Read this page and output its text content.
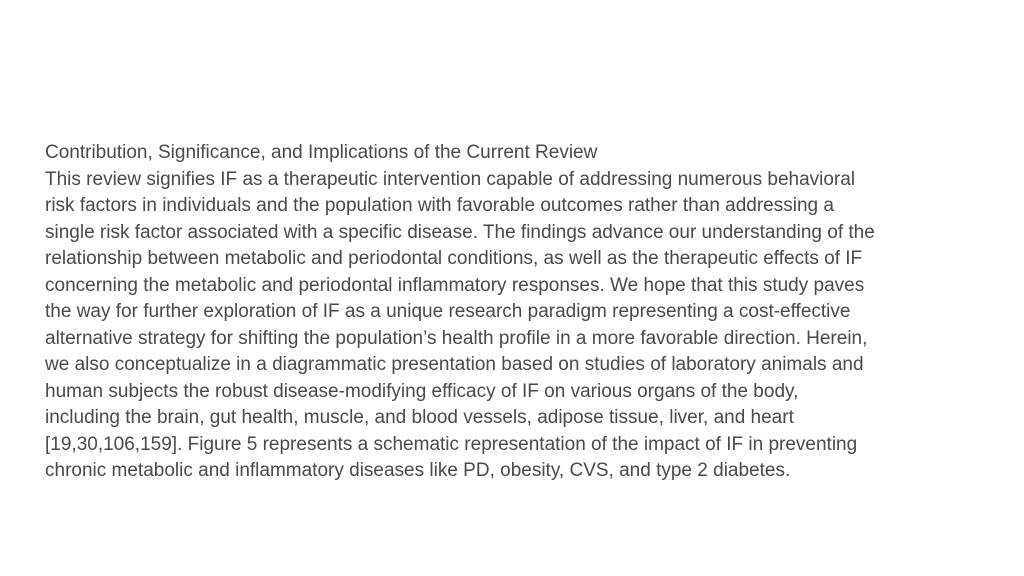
Contribution, Significance, and Implications of the Current Review

This review signifies IF as a therapeutic intervention capable of addressing numerous behavioral

risk factors in individuals and the population with favorable outcomes rather than addressing a

single risk factor associated with a specific disease. The findings advance our understanding of the

relationship between metabolic and periodontal conditions, as well as the therapeutic effects of IF

concerning the metabolic and periodontal inflammatory responses. We hope that this study paves

the way for further exploration of IF as a unique research paradigm representing a cost-effective

alternative strategy for shifting the population’s health profile in a more favorable direction. Herein,

we also conceptualize in a diagrammatic presentation based on studies of laboratory animals and

human subjects the robust disease-modifying efficacy of IF on various organs of the body,

including the brain, gut health, muscle, and blood vessels, adipose tissue, liver, and heart

[19,30,106,159]. Figure 5 represents a schematic representation of the impact of IF in preventing

chronic metabolic and inflammatory diseases like PD, obesity, CVS, and type 2 diabetes.
